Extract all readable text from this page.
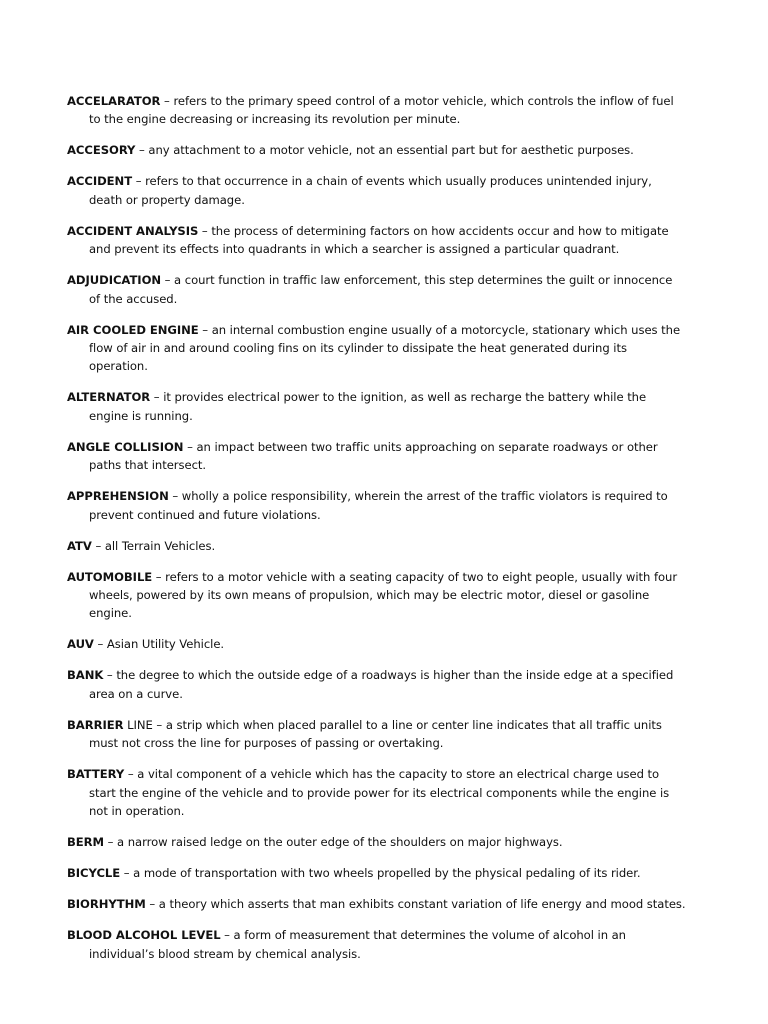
ACCELARATOR – refers to the primary speed control of a motor vehicle, which controls the inflow of fuel to the engine decreasing or increasing its revolution per minute.

ACCESORY – any attachment to a motor vehicle, not an essential part but for aesthetic purposes.

ACCIDENT – refers to that occurrence in a chain of events which usually produces unintended injury, death or property damage.

ACCIDENT ANALYSIS – the process of determining factors on how accidents occur and how to mitigate and prevent its effects into quadrants in which a searcher is assigned a particular quadrant.

ADJUDICATION – a court function in traffic law enforcement, this step determines the guilt or innocence of the accused.

AIR COOLED ENGINE – an internal combustion engine usually of a motorcycle, stationary which uses the flow of air in and around cooling fins on its cylinder to dissipate the heat generated during its operation.

ALTERNATOR – it provides electrical power to the ignition, as well as recharge the battery while the engine is running.

ANGLE COLLISION – an impact between two traffic units approaching on separate roadways or other paths that intersect.

APPREHENSION – wholly a police responsibility, wherein the arrest of the traffic violators is required to prevent continued and future violations.

ATV – all Terrain Vehicles.

AUTOMOBILE – refers to a motor vehicle with a seating capacity of two to eight people, usually with four wheels, powered by its own means of propulsion, which may be electric motor, diesel or gasoline engine.

AUV – Asian Utility Vehicle.

BANK – the degree to which the outside edge of a roadways is higher than the inside edge at a specified area on a curve.

BARRIER LINE – a strip which when placed parallel to a line or center line indicates that all traffic units must not cross the line for purposes of passing or overtaking.

BATTERY – a vital component of a vehicle which has the capacity to store an electrical charge used to start the engine of the vehicle and to provide power for its electrical components while the engine is not in operation.

BERM – a narrow raised ledge on the outer edge of the shoulders on major highways.

BICYCLE – a mode of transportation with two wheels propelled by the physical pedaling of its rider.

BIORHYTHM – a theory which asserts that man exhibits constant variation of life energy and mood states.

BLOOD ALCOHOL LEVEL – a form of measurement that determines the volume of alcohol in an individual’s blood stream by chemical analysis.
